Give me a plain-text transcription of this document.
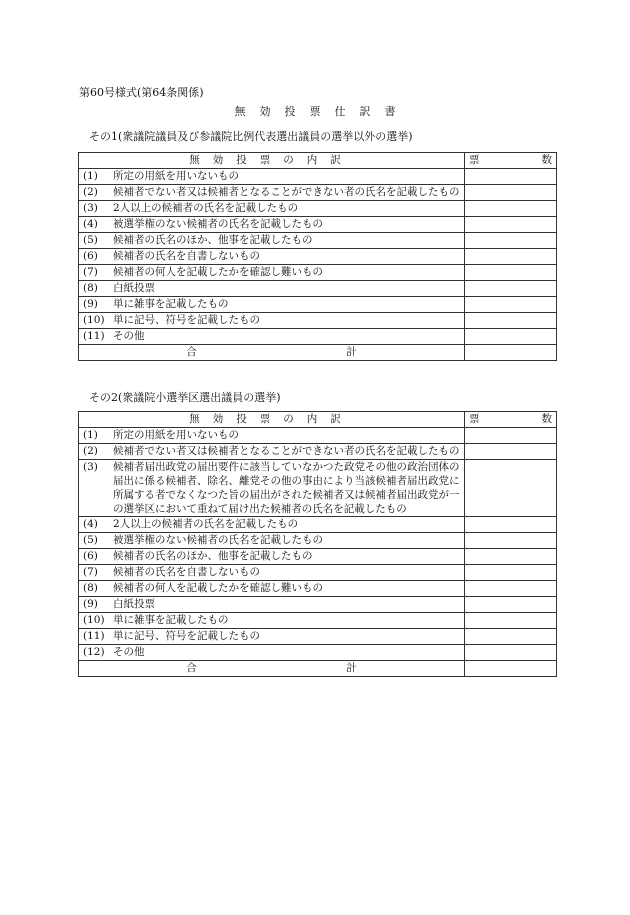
第60号様式(第64条関係)
無効投票仕訳書
その1(衆議院議員及び参議院比例代表選出議員の選挙以外の選挙)
無効投票の内訳	票 数

(1) 所定の用紙を用いないもの	
(2) 候補者でない者又は候補者となることができない者の氏名を記載したもの	
(3) 2人以上の候補者の氏名を記載したもの	
(4) 被選挙権のない候補者の氏名を記載したもの	
(5) 候補者の氏名のほか、他事を記載したもの	
(6) 候補者の氏名を自書しないもの	
(7) 候補者の何人を記載したかを確認し難いもの	
(8) 白紙投票	
(9) 単に雑事を記載したもの	
(10) 単に記号、符号を記載したもの	
(11) その他	
合 計	
その2(衆議院小選挙区選出議員の選挙)
無効投票の内訳	票 数

(1) 所定の用紙を用いないもの	
(2) 候補者でない者又は候補者となることができない者の氏名を記載したもの	
(3) 候補者届出政党の届出要件に該当していなかつた政党その他の政治団体の届出に係る候補者、除名、離党その他の事由により当該候補者届出政党に所属する者でなくなつた旨の届出がされた候補者又は候補者届出政党が一の選挙区において重ねて届け出た候補者の氏名を記載したもの	
(4) 2人以上の候補者の氏名を記載したもの	
(5) 被選挙権のない候補者の氏名を記載したもの	
(6) 候補者の氏名のほか、他事を記載したもの	
(7) 候補者の氏名を自書しないもの	
(8) 候補者の何人を記載したかを確認し難いもの	
(9) 白紙投票	
(10) 単に雑事を記載したもの	
(11) 単に記号、符号を記載したもの	
(12) その他	
合 計	
